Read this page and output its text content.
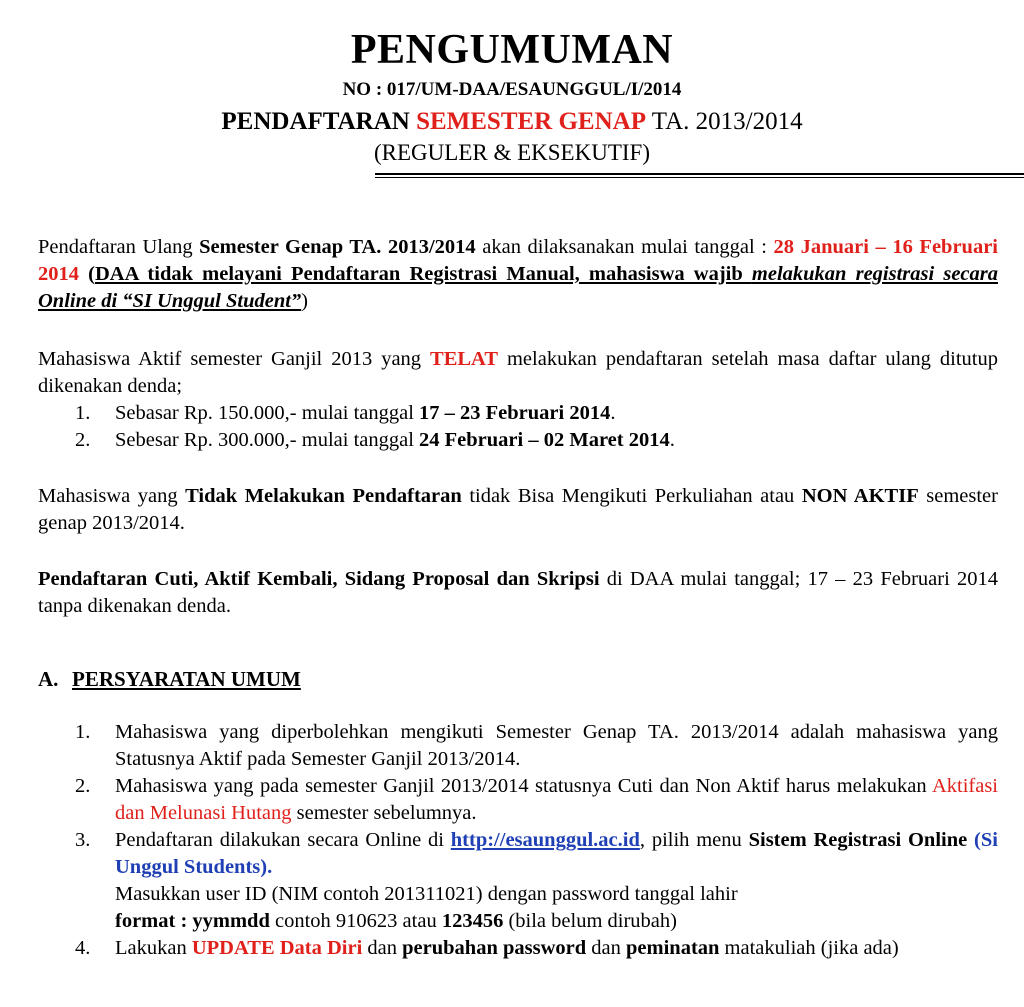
PENGUMUMAN
NO : 017/UM-DAA/ESAUNGGUL/I/2014
PENDAFTARAN SEMESTER GENAP TA. 2013/2014
(REGULER & EKSEKUTIF)

Pendaftaran Ulang Semester Genap TA. 2013/2014 akan dilaksanakan mulai tanggal : 28 Januari – 16 Februari 2014 (DAA tidak melayani Pendaftaran Registrasi Manual, mahasiswa wajib melakukan registrasi secara Online di “SI Unggul Student”)

Mahasiswa Aktif semester Ganjil 2013 yang TELAT melakukan pendaftaran setelah masa daftar ulang ditutup dikenakan denda;

1. Sebasar Rp. 150.000,- mulai tanggal 17 – 23 Februari 2014.
2. Sebesar Rp. 300.000,- mulai tanggal 24 Februari – 02 Maret 2014.

Mahasiswa yang Tidak Melakukan Pendaftaran tidak Bisa Mengikuti Perkuliahan atau NON AKTIF semester genap 2013/2014.

Pendaftaran Cuti, Aktif Kembali, Sidang Proposal dan Skripsi di DAA mulai tanggal; 17 – 23 Februari 2014 tanpa dikenakan denda.

A. PERSYARATAN UMUM
1. Mahasiswa yang diperbolehkan mengikuti Semester Genap TA. 2013/2014 adalah mahasiswa yang Statusnya Aktif pada Semester Ganjil 2013/2014.
2. Mahasiswa yang pada semester Ganjil 2013/2014 statusnya Cuti dan Non Aktif harus melakukan Aktifasi dan Melunasi Hutang semester sebelumnya.
3. Pendaftaran dilakukan secara Online di http://esaunggul.ac.id, pilih menu Sistem Registrasi Online (Si Unggul Students).
Masukkan user ID (NIM contoh 201311021) dengan password tanggal lahir
format : yymmdd contoh 910623 atau 123456 (bila belum dirubah)
4. Lakukan UPDATE Data Diri dan perubahan password dan peminatan matakuliah (jika ada)
